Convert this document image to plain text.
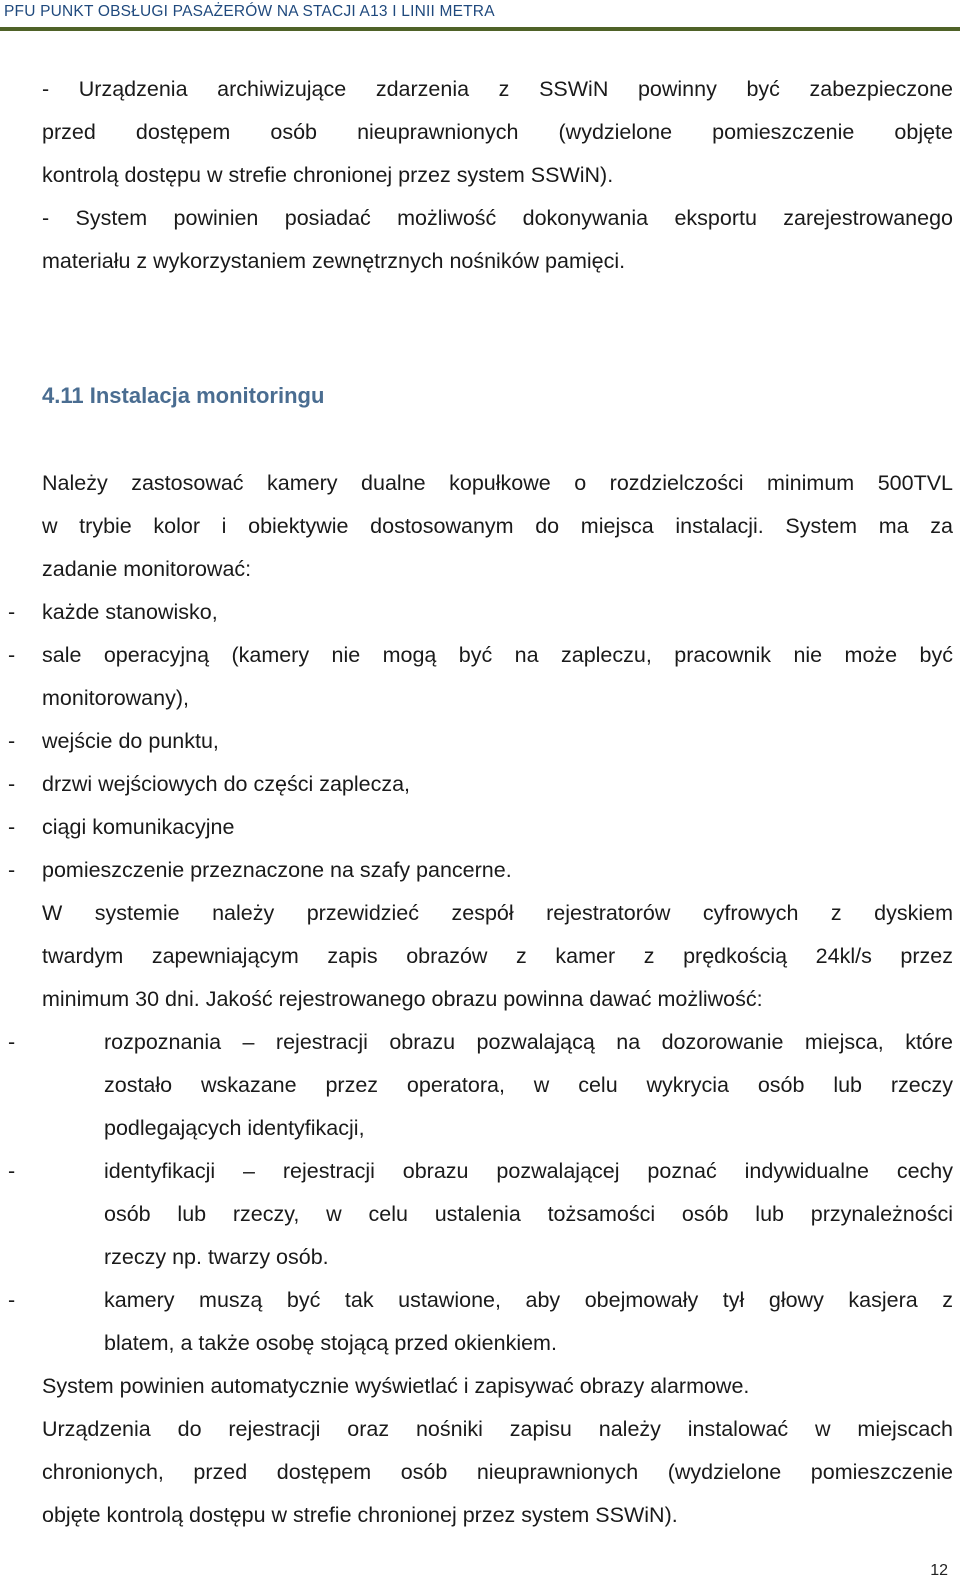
PFU PUNKT OBSŁUGI PASAŻERÓW NA STACJI A13 I LINII METRA
- Urządzenia archiwizujące zdarzenia z SSWiN powinny być zabezpieczone
przed dostępem osób nieuprawnionych (wydzielone pomieszczenie objęte
kontrolą dostępu w strefie chronionej przez system SSWiN).
- System powinien posiadać możliwość dokonywania eksportu zarejestrowanego
materiału z wykorzystaniem zewnętrznych nośników pamięci.
4.11 Instalacja monitoringu
Należy zastosować kamery dualne kopułkowe o rozdzielczości minimum 500TVL
w trybie kolor i obiektywie dostosowanym do miejsca instalacji. System ma za
zadanie monitorować:
- każde stanowisko,
- sale operacyjną (kamery nie mogą być na zapleczu, pracownik nie może być
monitorowany),
- wejście do punktu,
- drzwi wejściowych do części zaplecza,
- ciągi komunikacyjne
- pomieszczenie przeznaczone na szafy pancerne.
W systemie należy przewidzieć zespół rejestratorów cyfrowych z dyskiem
twardym zapewniającym zapis obrazów z kamer z prędkością 24kl/s przez
minimum 30 dni. Jakość rejestrowanego obrazu powinna dawać możliwość:
-	rozpoznania – rejestracji obrazu pozwalającą na dozorowanie miejsca, które
zostało wskazane przez operatora, w celu wykrycia osób lub rzeczy
podlegających identyfikacji,
-	identyfikacji – rejestracji obrazu pozwalającej poznać indywidualne cechy
osób lub rzeczy, w celu ustalenia tożsamości osób lub przynależności
rzeczy np. twarzy osób.
-	kamery muszą być tak ustawione, aby obejmowały tył głowy kasjera z
blatem, a także osobę stojącą przed okienkiem.
System powinien automatycznie wyświetlać i zapisywać obrazy alarmowe.
Urządzenia do rejestracji oraz nośniki zapisu należy instalować w miejscach
chronionych, przed dostępem osób nieuprawnionych (wydzielone pomieszczenie
objęte kontrolą dostępu w strefie chronionej przez system SSWiN).
12
